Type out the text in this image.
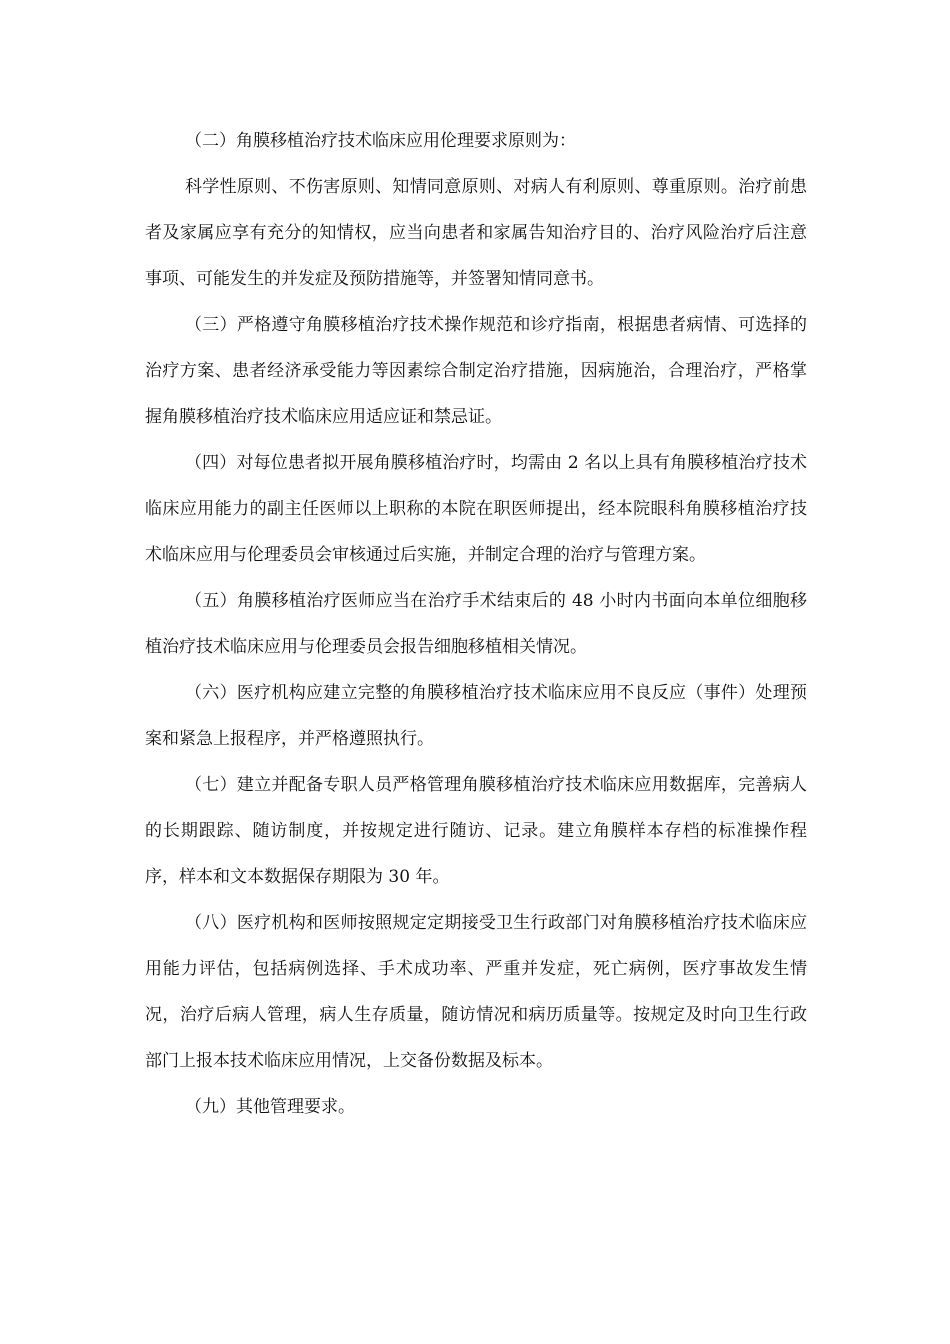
（二）角膜移植治疗技术临床应用伦理要求原则为：

科学性原则、不伤害原则、知情同意原则、对病人有利原则、尊重原则。治疗前患者及家属应享有充分的知情权，应当向患者和家属告知治疗目的、治疗风险治疗后注意事项、可能发生的并发症及预防措施等，并签署知情同意书。

（三）严格遵守角膜移植治疗技术操作规范和诊疗指南，根据患者病情、可选择的治疗方案、患者经济承受能力等因素综合制定治疗措施，因病施治，合理治疗，严格掌握角膜移植治疗技术临床应用适应证和禁忌证。

（四）对每位患者拟开展角膜移植治疗时，均需由 2 名以上具有角膜移植治疗技术临床应用能力的副主任医师以上职称的本院在职医师提出，经本院眼科角膜移植治疗技术临床应用与伦理委员会审核通过后实施，并制定合理的治疗与管理方案。

（五）角膜移植治疗医师应当在治疗手术结束后的 48 小时内书面向本单位细胞移植治疗技术临床应用与伦理委员会报告细胞移植相关情况。

（六）医疗机构应建立完整的角膜移植治疗技术临床应用不良反应（事件）处理预案和紧急上报程序，并严格遵照执行。

（七）建立并配备专职人员严格管理角膜移植治疗技术临床应用数据库，完善病人的长期跟踪、随访制度，并按规定进行随访、记录。建立角膜样本存档的标准操作程序，样本和文本数据保存期限为 30 年。

（八）医疗机构和医师按照规定定期接受卫生行政部门对角膜移植治疗技术临床应用能力评估，包括病例选择、手术成功率、严重并发症，死亡病例，医疗事故发生情况，治疗后病人管理，病人生存质量，随访情况和病历质量等。按规定及时向卫生行政部门上报本技术临床应用情况，上交备份数据及标本。

（九）其他管理要求。
